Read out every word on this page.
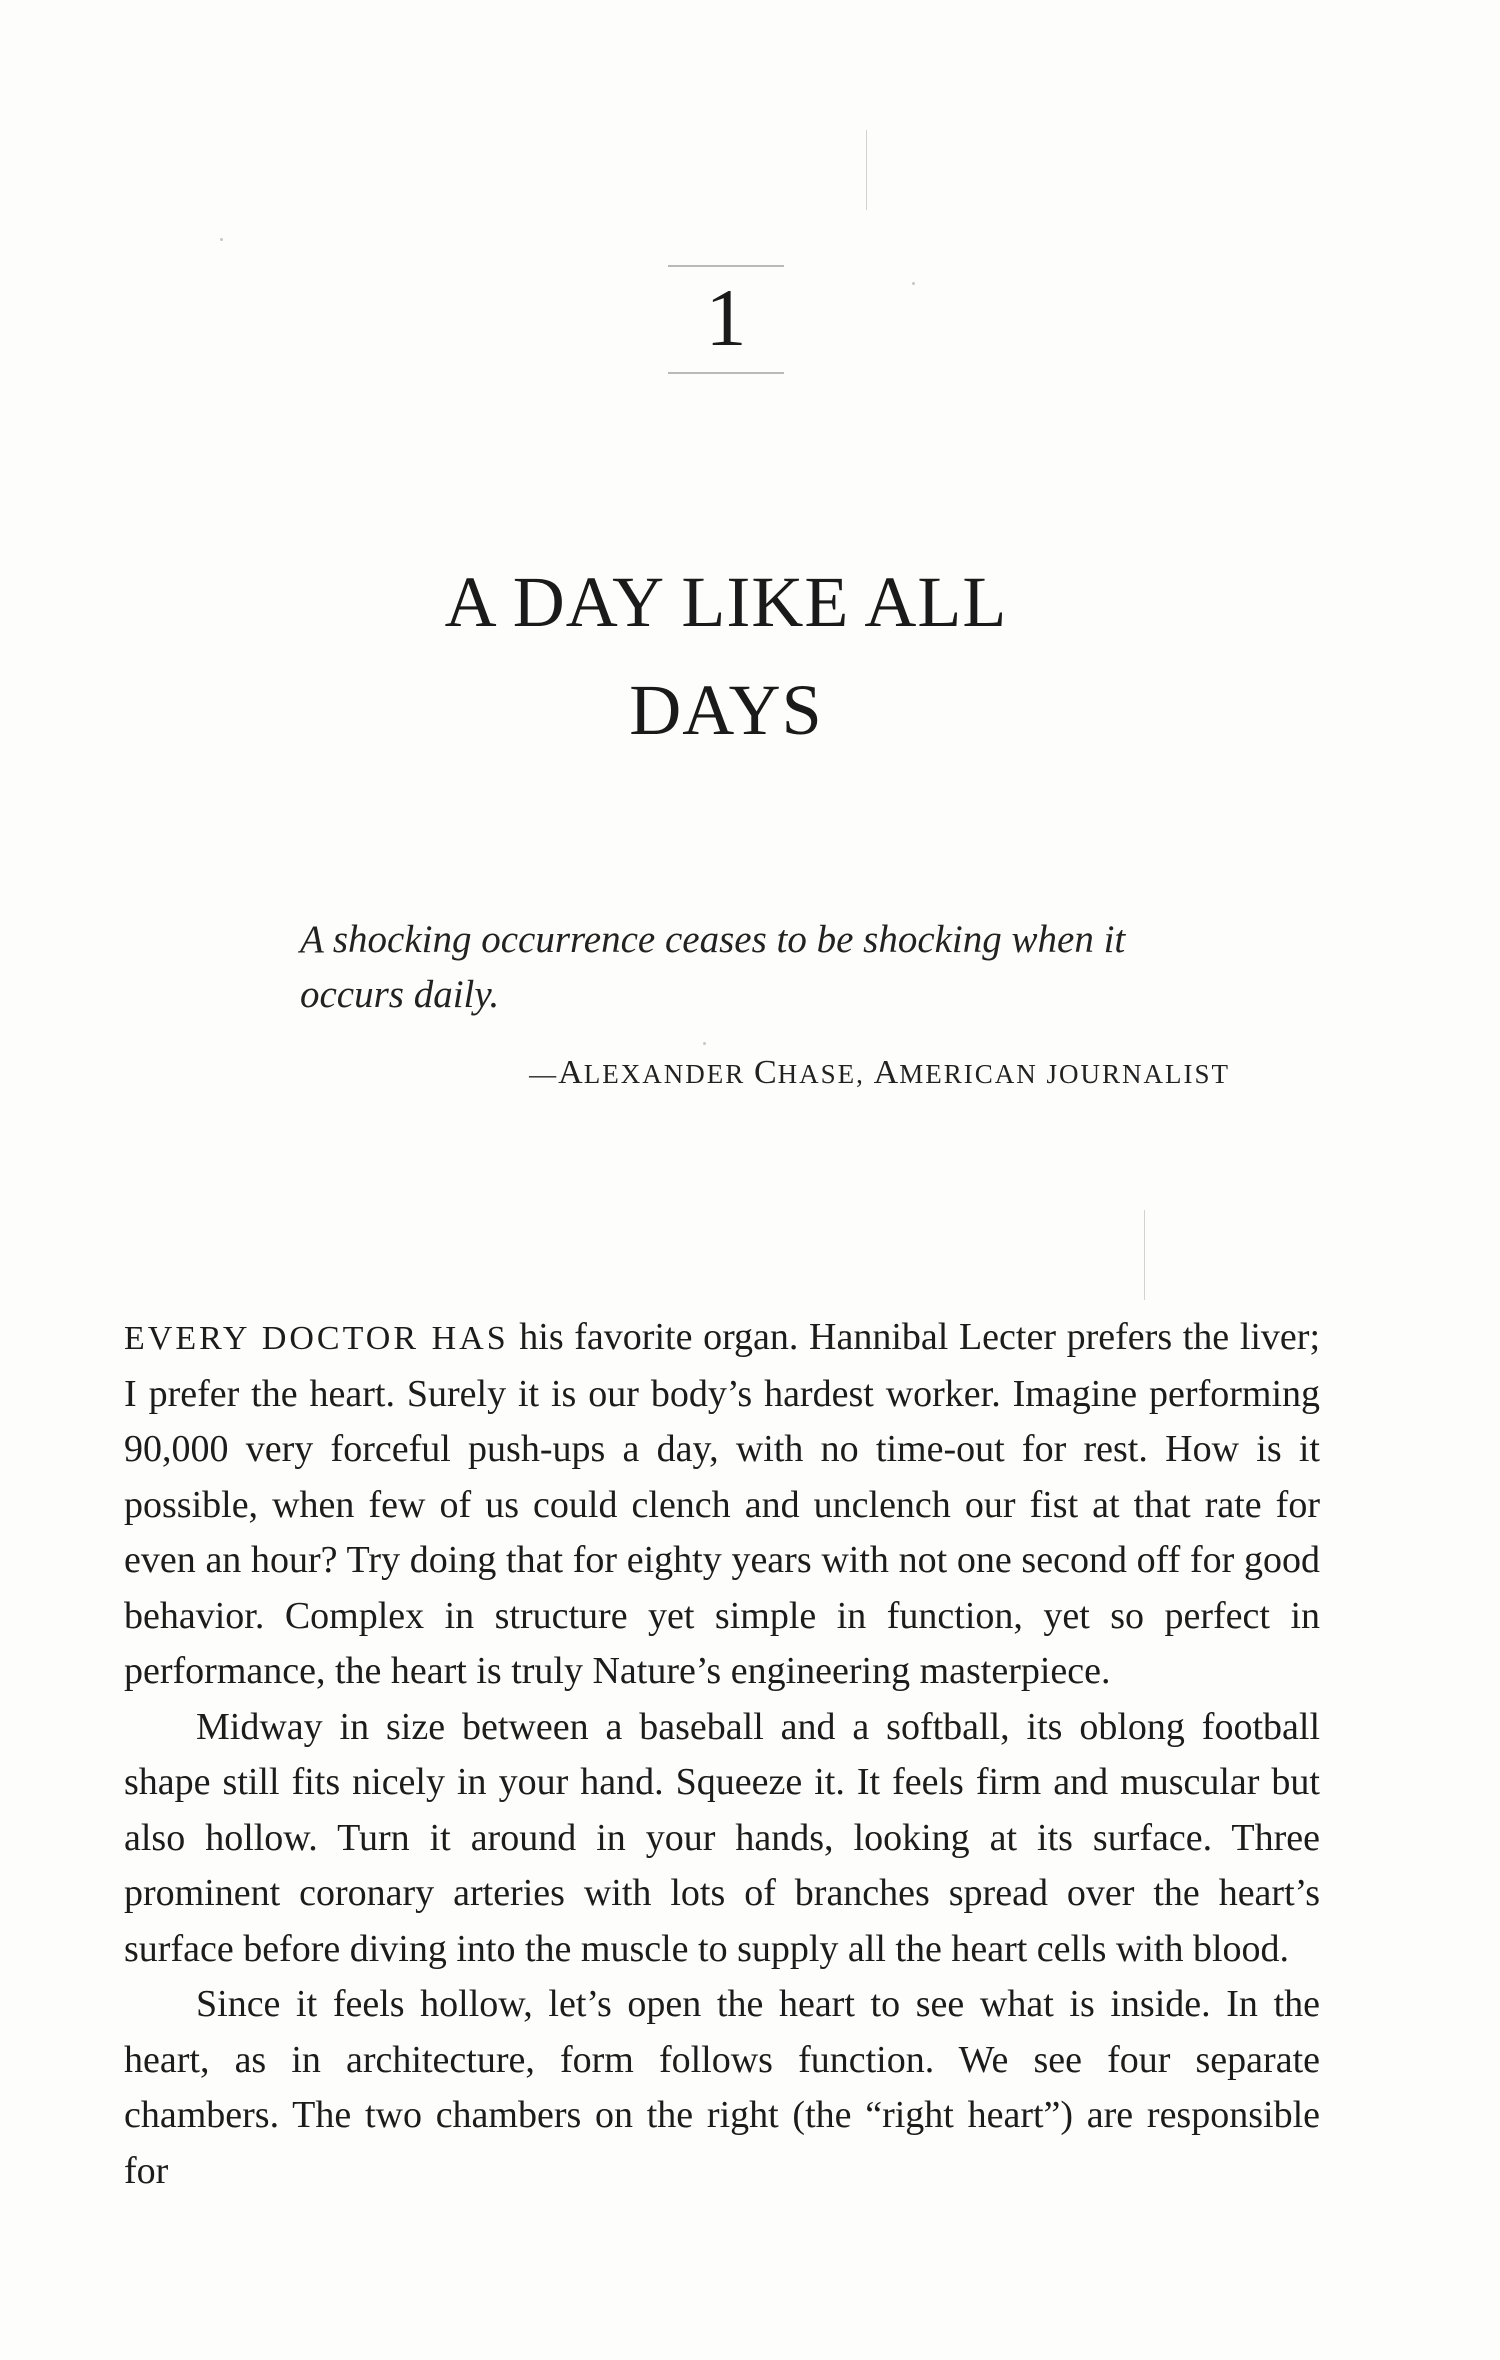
1
A DAY LIKE ALL
DAYS
A shocking occurrence ceases to be shocking when it occurs daily.
—ALEXANDER CHASE, AMERICAN JOURNALIST

EVERY DOCTOR HAS his favorite organ. Hannibal Lecter prefers the liver; I prefer the heart. Surely it is our body’s hardest worker. Imagine performing 90,000 very forceful push-ups a day, with no time-out for rest. How is it possible, when few of us could clench and unclench our fist at that rate for even an hour? Try doing that for eighty years with not one second off for good behavior. Complex in structure yet simple in function, yet so perfect in performance, the heart is truly Nature’s engineering masterpiece.

Midway in size between a baseball and a softball, its oblong football shape still fits nicely in your hand. Squeeze it. It feels firm and muscular but also hollow. Turn it around in your hands, looking at its surface. Three prominent coronary arteries with lots of branches spread over the heart’s surface before diving into the muscle to supply all the heart cells with blood.

Since it feels hollow, let’s open the heart to see what is inside. In the heart, as in architecture, form follows function. We see four separate chambers. The two chambers on the right (the “right heart”) are responsible for
